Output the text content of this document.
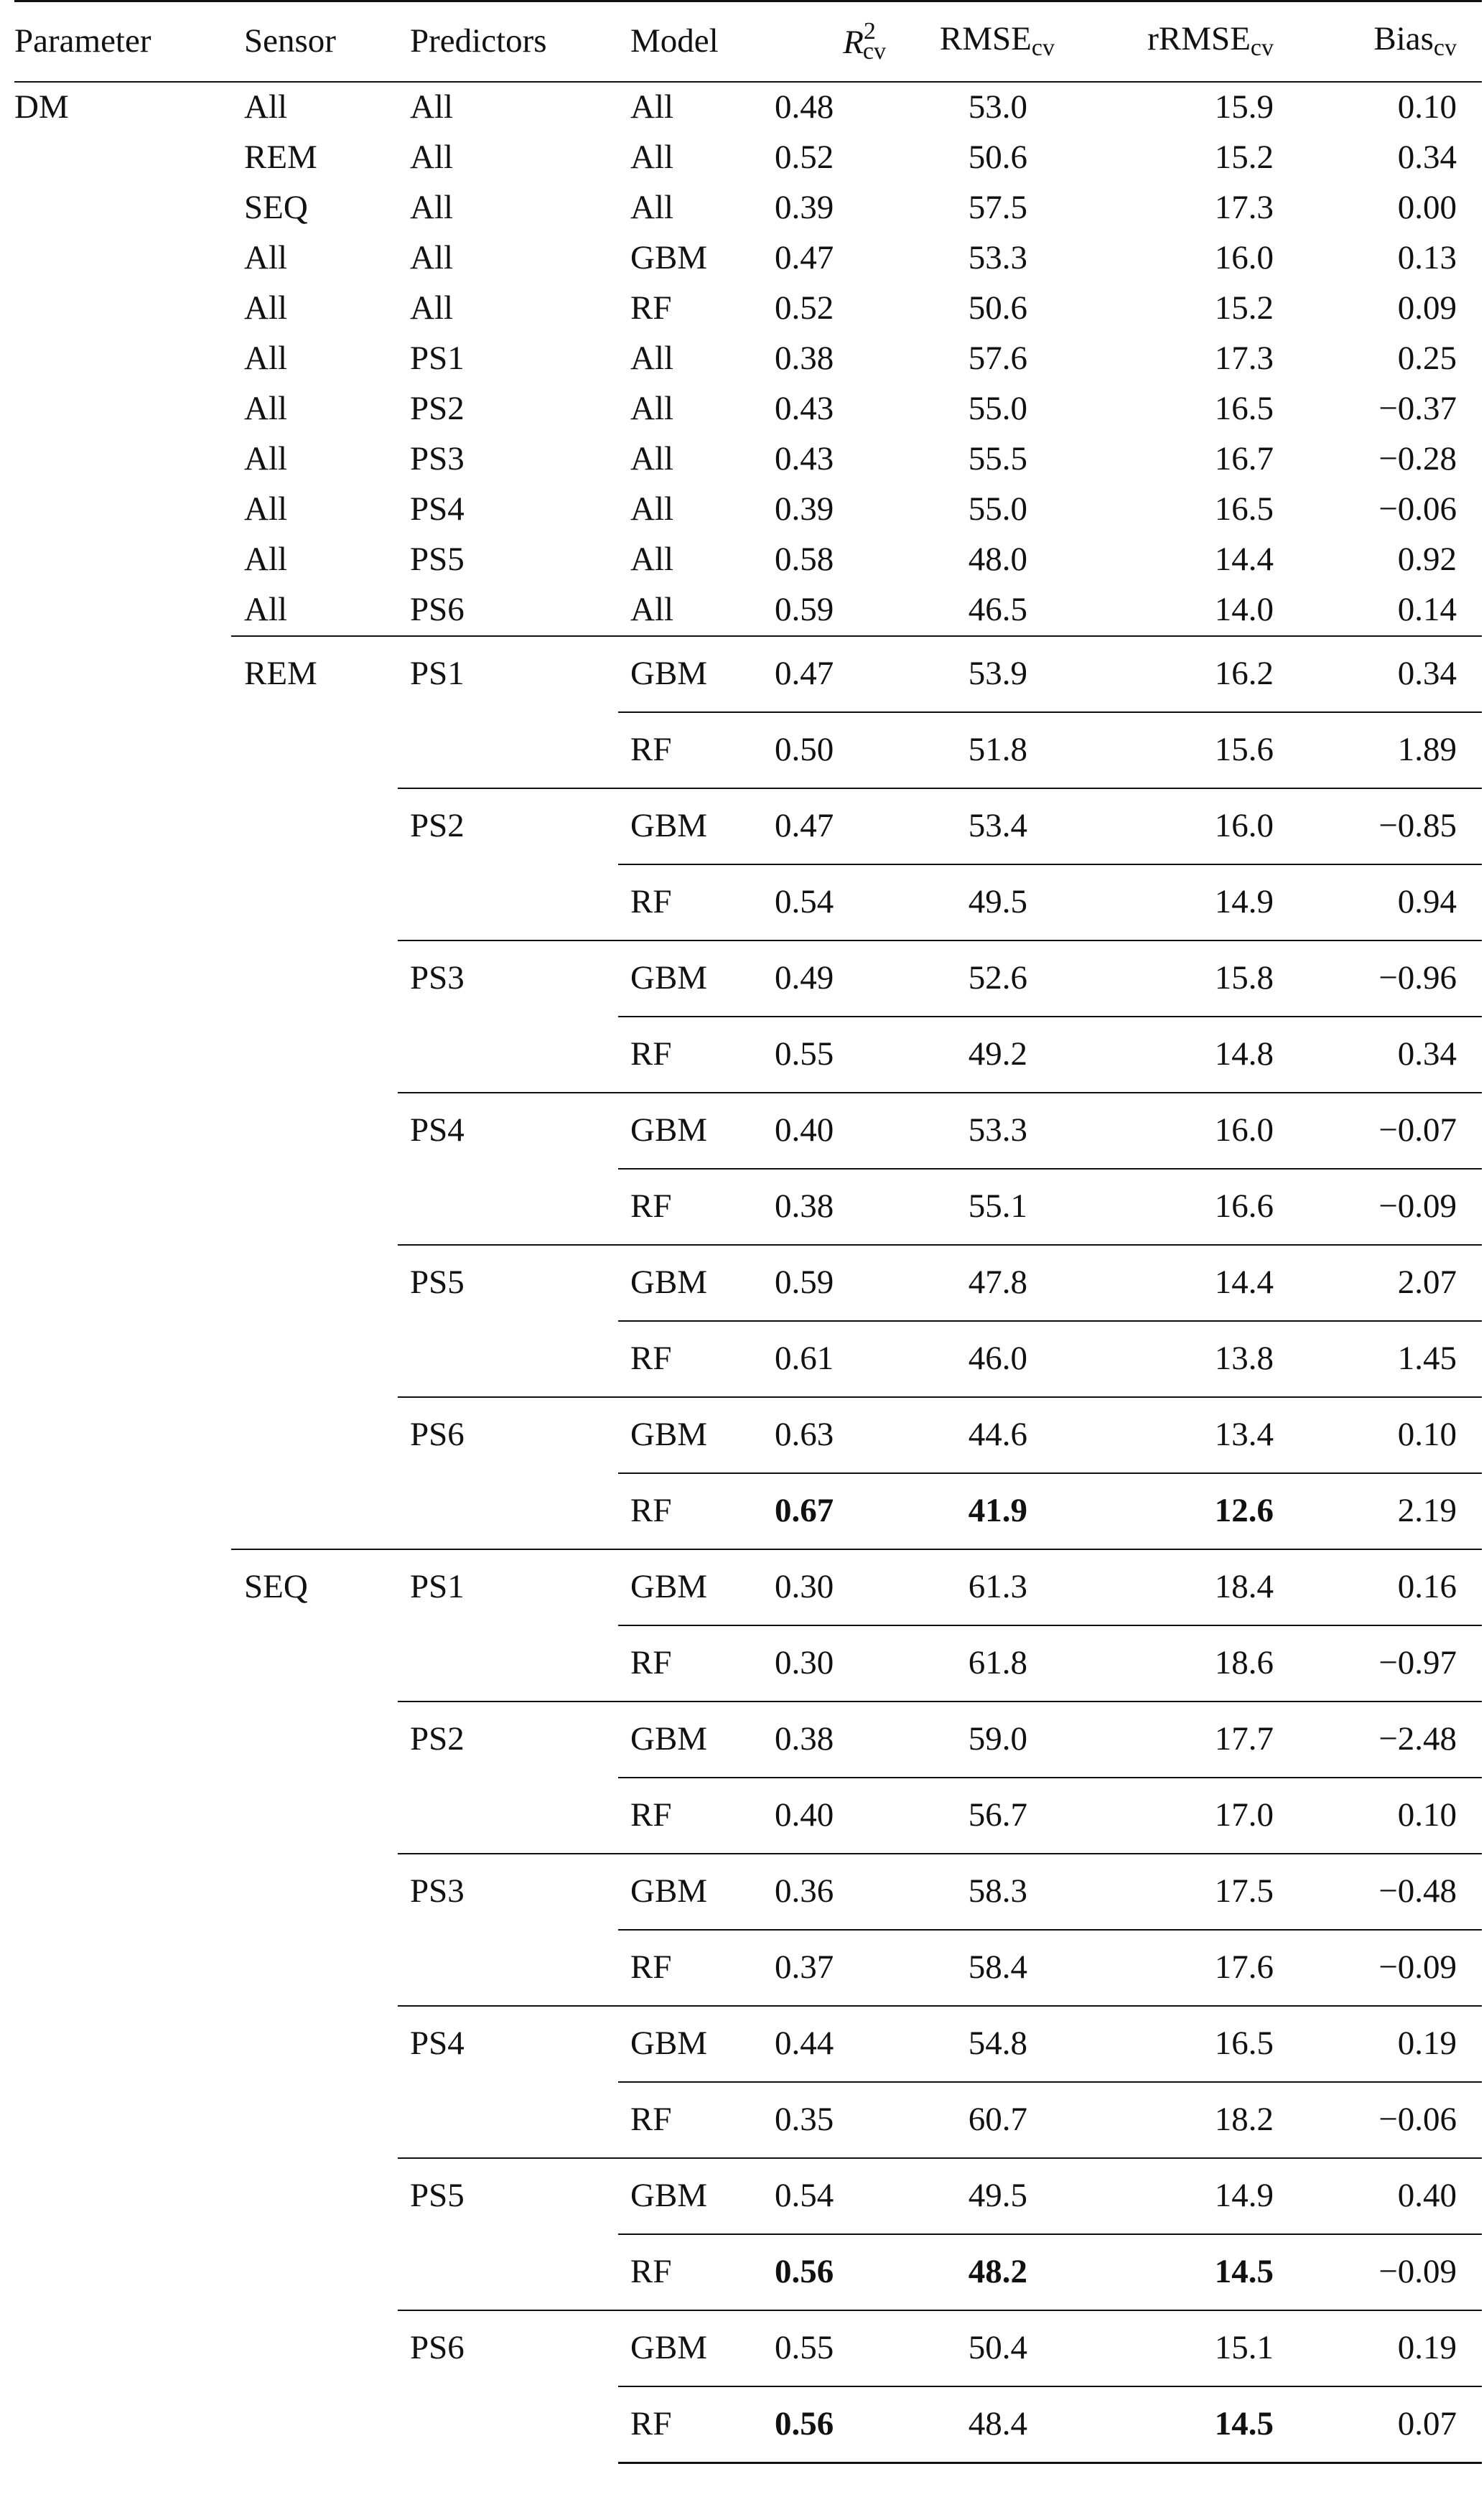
Parameter	Sensor	Predictors	Model	$R^2_{cv}$	$RMSE_{cv}$	rRMSE$_{cv}$	Bias$_{cv}$
DM	All	All	All	0.48	53.0	15.9	0.10
	REM	All	All	0.52	50.6	15.2	0.34
	SEQ	All	All	0.39	57.5	17.3	0.00
	All	All	GBM	0.47	53.3	16.0	0.13
	All	All	RF	0.52	50.6	15.2	0.09
	All	PS1	All	0.38	57.6	17.3	0.25
	All	PS2	All	0.43	55.0	16.5	−0.37
	All	PS3	All	0.43	55.5	16.7	−0.28
	All	PS4	All	0.39	55.0	16.5	−0.06
	All	PS5	All	0.58	48.0	14.4	0.92
	All	PS6	All	0.59	46.5	14.0	0.14
	REM	PS1	GBM	0.47	53.9	16.2	0.34
			RF	0.50	51.8	15.6	1.89
		PS2	GBM	0.47	53.4	16.0	−0.85
			RF	0.54	49.5	14.9	0.94
		PS3	GBM	0.49	52.6	15.8	−0.96
			RF	0.55	49.2	14.8	0.34
		PS4	GBM	0.40	53.3	16.0	−0.07
			RF	0.38	55.1	16.6	−0.09
		PS5	GBM	0.59	47.8	14.4	2.07
			RF	0.61	46.0	13.8	1.45
		PS6	GBM	0.63	44.6	13.4	0.10
			RF	0.67	41.9	12.6	2.19
	SEQ	PS1	GBM	0.30	61.3	18.4	0.16
			RF	0.30	61.8	18.6	−0.97
		PS2	GBM	0.38	59.0	17.7	−2.48
			RF	0.40	56.7	17.0	0.10
		PS3	GBM	0.36	58.3	17.5	−0.48
			RF	0.37	58.4	17.6	−0.09
		PS4	GBM	0.44	54.8	16.5	0.19
			RF	0.35	60.7	18.2	−0.06
		PS5	GBM	0.54	49.5	14.9	0.40
			RF	0.56	48.2	14.5	−0.09
		PS6	GBM	0.55	50.4	15.1	0.19
			RF	0.56	48.4	14.5	0.07
